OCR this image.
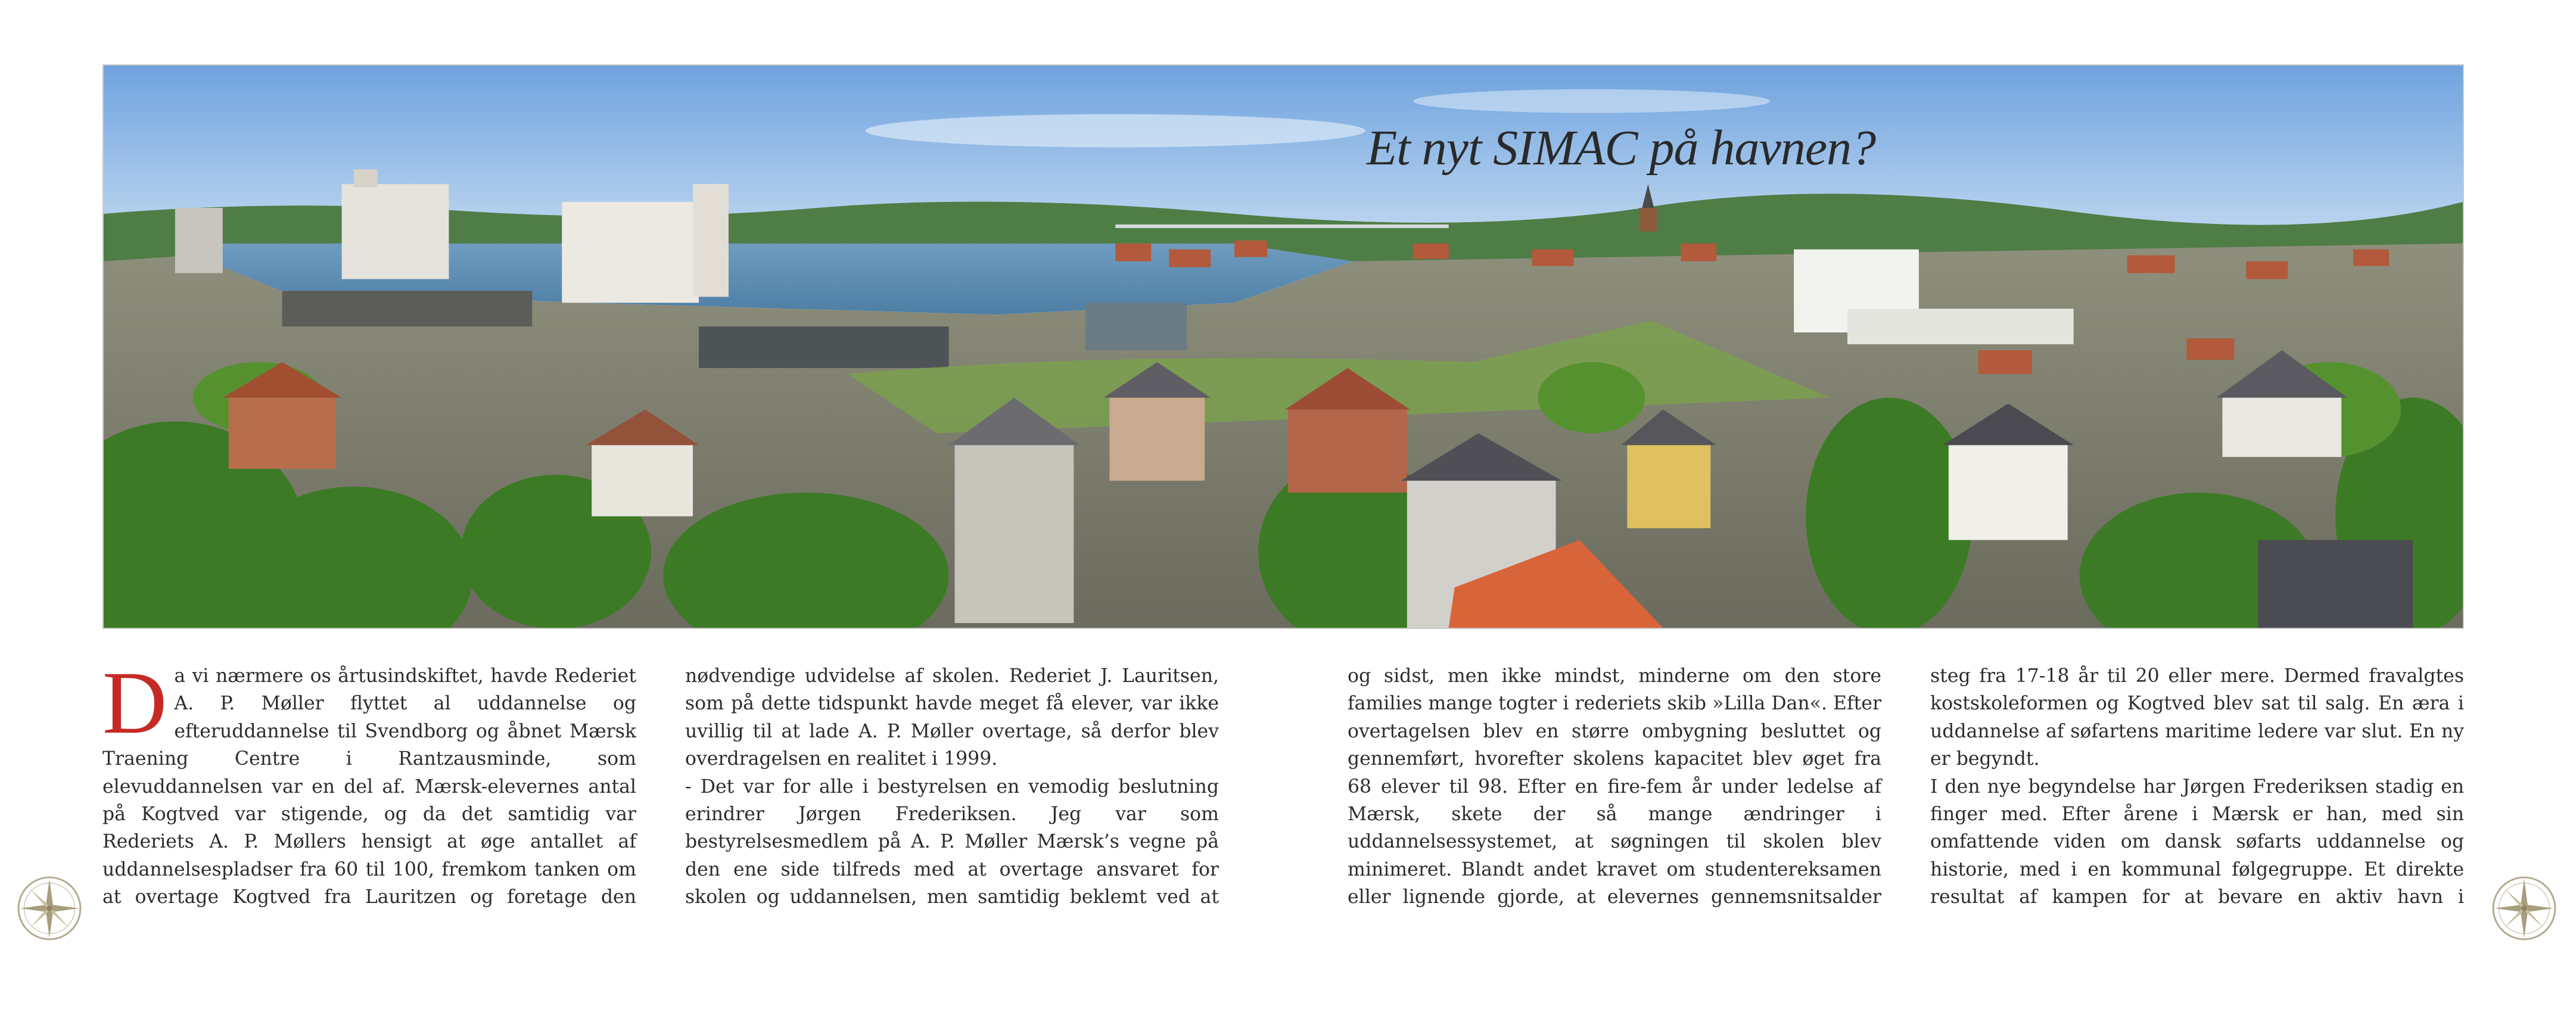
Et nyt SIMAC på havnen?

Da vi nærmere os årtusindskiftet, havde Rederiet A. P. Møller flyttet al uddannelse og efteruddannelse til Svendborg og åbnet Mærsk Traening Centre i Rantzausminde, som elevuddannelsen var en del af. Mærsk-elevernes antal på Kogtved var stigende, og da det samtidig var Rederiets A. P. Møllers hensigt at øge antallet af uddannelsespladser fra 60 til 100, fremkom tanken om at overtage Kogtved fra Lauritzen og foretage den nødvendige udvidelse af skolen. Rederiet J. Lauritsen, som på dette tidspunkt havde meget få elever, var ikke uvillig til at lade A. P. Møller overtage, så derfor blev overdragelsen en realitet i 1999.

- Det var for alle i bestyrelsen en vemodig beslutning erindrer Jørgen Frederiksen. Jeg var som bestyrelsesmedlem på A. P. Møller Mærsk’s vegne på den ene side tilfreds med at overtage ansvaret for skolen og uddannelsen, men samtidig beklemt ved at

og sidst, men ikke mindst, minderne om den store families mange togter i rederiets skib »Lilla Dan«. Efter overtagelsen blev en større ombygning besluttet og gennemført, hvorefter skolens kapacitet blev øget fra 68 elever til 98. Efter en fire-fem år under ledelse af Mærsk, skete der så mange ændringer i uddannelsessystemet, at søgningen til skolen blev minimeret. Blandt andet kravet om studentereksamen eller lignende gjorde, at elevernes gennemsnitsalder steg fra 17-18 år til 20 eller mere. Dermed fravalgtes kostskoleformen og Kogtved blev sat til salg. En æra i uddannelse af søfartens maritime ledere var slut. En ny er begyndt.

I den nye begyndelse har Jørgen Frederiksen stadig en finger med. Efter årene i Mærsk er han, med sin omfattende viden om dansk søfarts uddannelse og historie, med i en kommunal følgegruppe. Et direkte resultat af kampen for at bevare en aktiv havn i
